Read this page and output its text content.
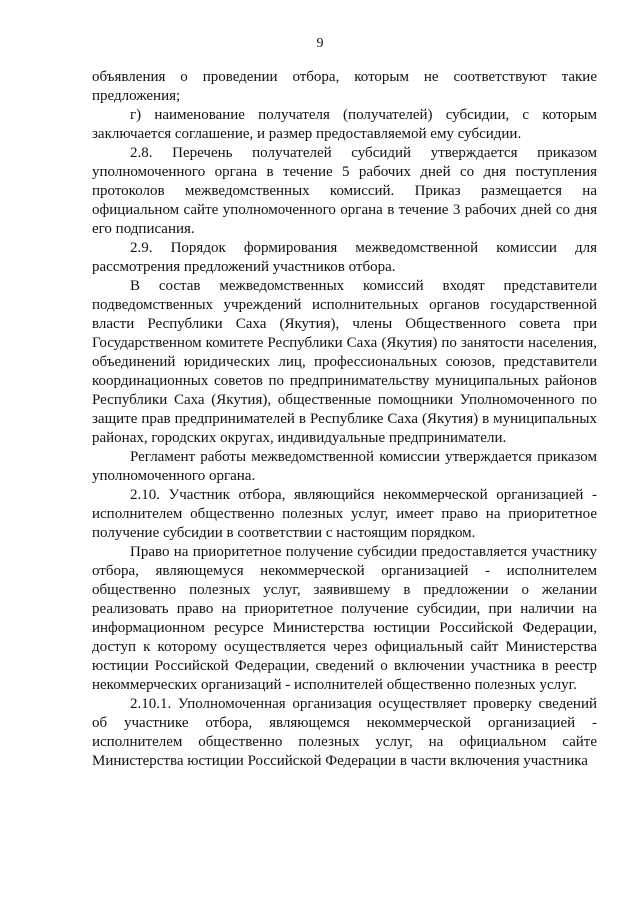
9

объявления о проведении отбора, которым не соответствуют такие предложения;

г) наименование получателя (получателей) субсидии, с которым заключается соглашение, и размер предоставляемой ему субсидии.

2.8. Перечень получателей субсидий утверждается приказом уполномоченного органа в течение 5 рабочих дней со дня поступления протоколов межведомственных комиссий. Приказ размещается на официальном сайте уполномоченного органа в течение 3 рабочих дней со дня его подписания.

2.9. Порядок формирования межведомственной комиссии для рассмотрения предложений участников отбора.

В состав межведомственных комиссий входят представители подведомственных учреждений исполнительных органов государственной власти Республики Саха (Якутия), члены Общественного совета при Государственном комитете Республики Саха (Якутия) по занятости населения, объединений юридических лиц, профессиональных союзов, представители координационных советов по предпринимательству муниципальных районов Республики Саха (Якутия), общественные помощники Уполномоченного по защите прав предпринимателей в Республике Саха (Якутия) в муниципальных районах, городских округах, индивидуальные предприниматели.

Регламент работы межведомственной комиссии утверждается приказом уполномоченного органа.

2.10. Участник отбора, являющийся некоммерческой организацией - исполнителем общественно полезных услуг, имеет право на приоритетное получение субсидии в соответствии с настоящим порядком.

Право на приоритетное получение субсидии предоставляется участнику отбора, являющемуся некоммерческой организацией - исполнителем общественно полезных услуг, заявившему в предложении о желании реализовать право на приоритетное получение субсидии, при наличии на информационном ресурсе Министерства юстиции Российской Федерации, доступ к которому осуществляется через официальный сайт Министерства юстиции Российской Федерации, сведений о включении участника в реестр некоммерческих организаций - исполнителей общественно полезных услуг.

2.10.1. Уполномоченная организация осуществляет проверку сведений об участнике отбора, являющемся некоммерческой организацией - исполнителем общественно полезных услуг, на официальном сайте Министерства юстиции Российской Федерации в части включения участника
